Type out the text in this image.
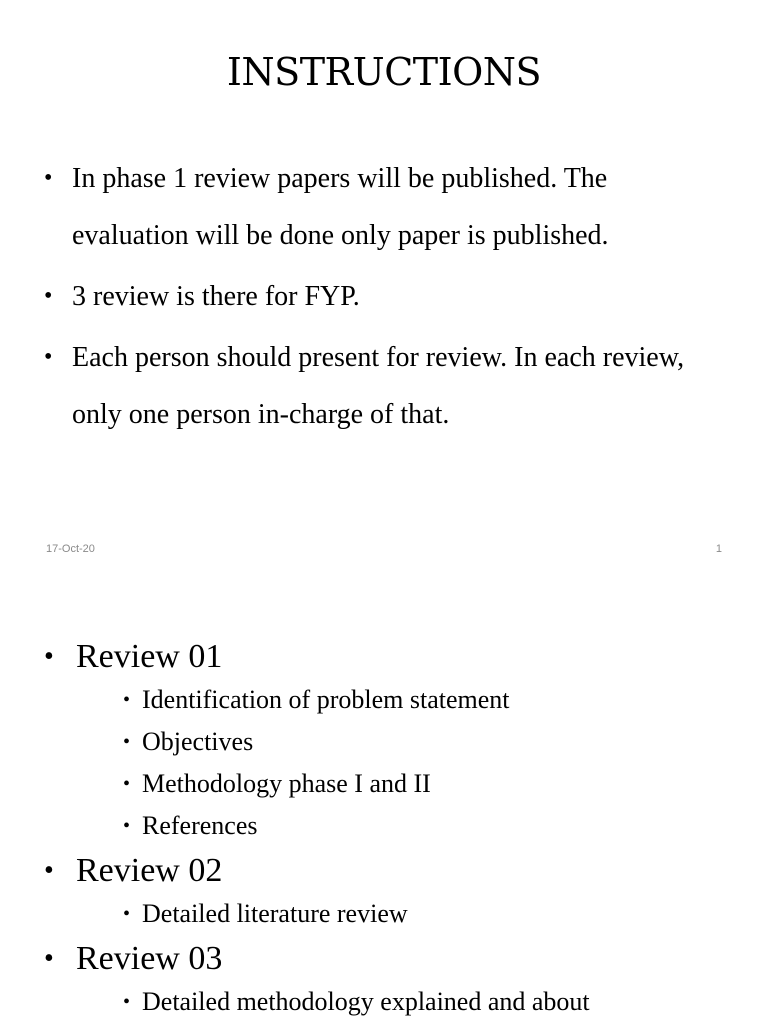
INSTRUCTIONS
• In phase 1 review papers will be published. The evaluation will be done only paper is published.
• 3 review is there for FYP.
• Each person should present for review. In each review, only one person in-charge of that.
17-Oct-20	1
• Review 01
• Identification of problem statement
• Objectives
• Methodology phase I and II
• References
• Review 02
• Detailed literature review
• Review 03
• Detailed methodology explained and about
